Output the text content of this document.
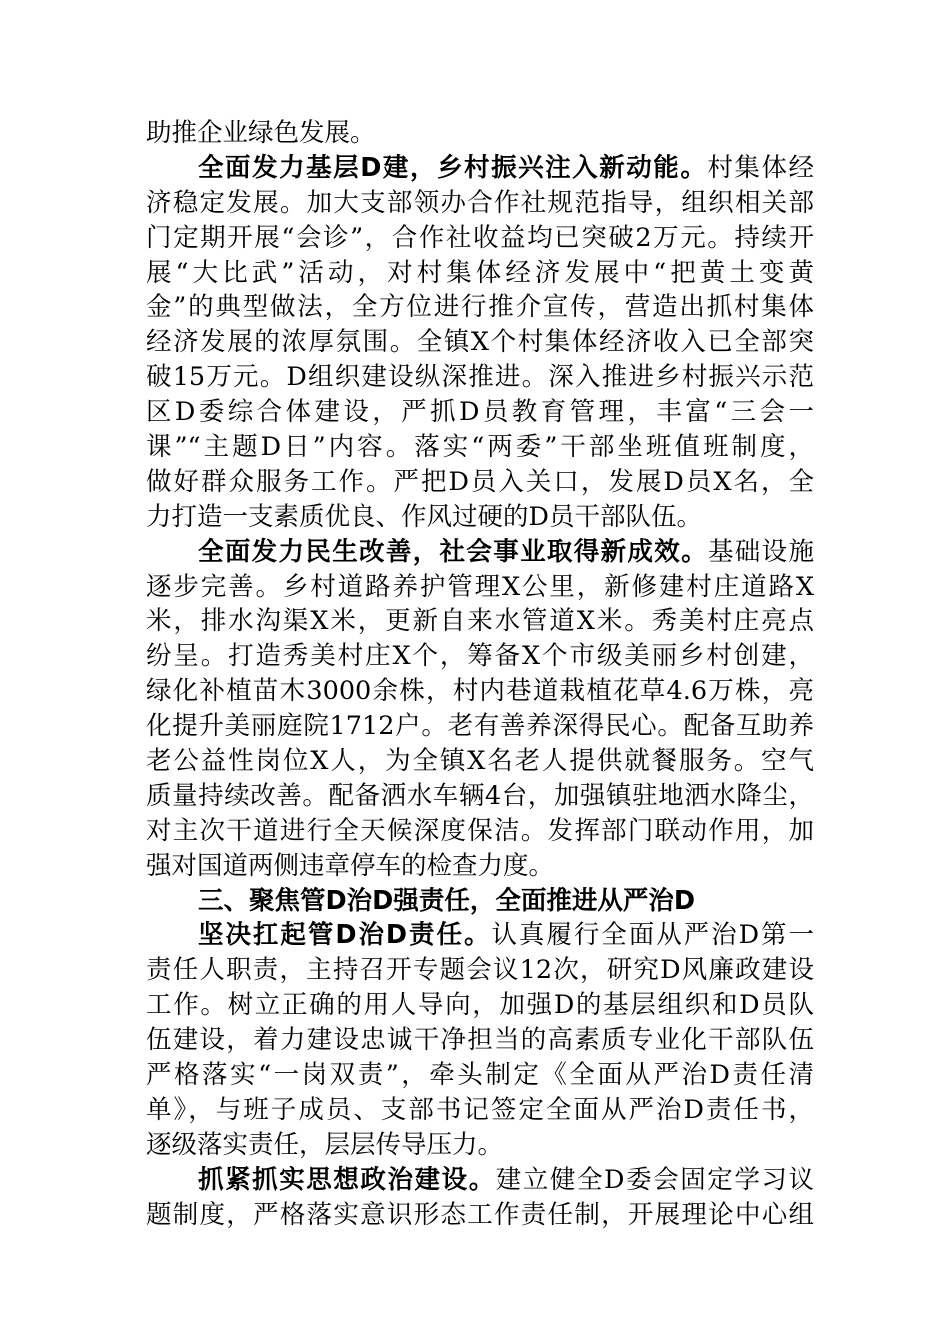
助推企业绿色发展。
全面发力基层D建，乡村振兴注入新动能。村集体经
济稳定发展。加大支部领办合作社规范指导，组织相关部
门定期开展“会诊”，合作社收益均已突破2万元。持续开
展“大比武”活动，对村集体经济发展中“把黄土变黄
金”的典型做法，全方位进行推介宣传，营造出抓村集体
经济发展的浓厚氛围。全镇X个村集体经济收入已全部突
破15万元。D组织建设纵深推进。深入推进乡村振兴示范
区D委综合体建设，严抓D员教育管理，丰富“三会一
课”“主题D日”内容。落实“两委”干部坐班值班制度，
做好群众服务工作。严把D员入关口，发展D员X名，全
力打造一支素质优良、作风过硬的D员干部队伍。
全面发力民生改善，社会事业取得新成效。基础设施
逐步完善。乡村道路养护管理X公里，新修建村庄道路X
米，排水沟渠X米，更新自来水管道X米。秀美村庄亮点
纷呈。打造秀美村庄X个，筹备X个市级美丽乡村创建，
绿化补植苗木3000余株，村内巷道栽植花草4.6万株，亮
化提升美丽庭院1712户。老有善养深得民心。配备互助养
老公益性岗位X人，为全镇X名老人提供就餐服务。空气
质量持续改善。配备洒水车辆4台，加强镇驻地洒水降尘，
对主次干道进行全天候深度保洁。发挥部门联动作用，加
强对国道两侧违章停车的检查力度。
三、聚焦管D治D强责任，全面推进从严治D
坚决扛起管D治D责任。认真履行全面从严治D第一
责任人职责，主持召开专题会议12次，研究D风廉政建设
工作。树立正确的用人导向，加强D的基层组织和D员队
伍建设，着力建设忠诚干净担当的高素质专业化干部队伍
严格落实“一岗双责”，牵头制定《全面从严治D责任清
单》，与班子成员、支部书记签定全面从严治D责任书，
逐级落实责任，层层传导压力。
抓紧抓实思想政治建设。建立健全D委会固定学习议
题制度，严格落实意识形态工作责任制，开展理论中心组
